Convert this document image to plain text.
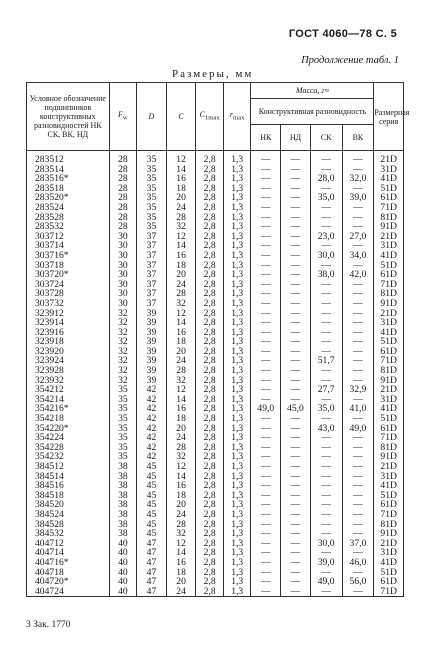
ГОСТ 4060—78 С. 5
Продолжение табл. 1
Размеры, мм
Условное обозначение подшипников конструктивных разновидностей НК СК, ВК, НД	$F_w$	D	C	$C_{1max}$	$r_{max}$	Масса, г≈				Размерная серия
						Конструктивная разновидность				
						НК	НД	СК	ВК	
283512	28	35	12	2,8	1,3	—	—	—	—	21D
283514	28	35	14	2,8	1,3	—	—	—	—	31D
283516*	28	35	16	2,8	1,3	—	—	28,0	32,0	41D
283518	28	35	18	2,8	1,3	—	—	—	—	51D
283520*	28	35	20	2,8	1,3	—	—	35,0	39,0	61D
283524	28	35	24	2,8	1,3	—	—	—	—	71D
283528	28	35	28	2,8	1,3	—	—	—	—	81D
283532	28	35	32	2,8	1,3	—	—	—	—	91D
303712	30	37	12	2,8	1,3	—	—	23,0	27,0	21D
303714	30	37	14	2,8	1,3	—	—	—	—	31D
303716*	30	37	16	2,8	1,3	—	—	30,0	34,0	41D
303718	30	37	18	2,8	1,3	—	—	—	—	51D
303720*	30	37	20	2,8	1,3	—	—	38,0	42,0	61D
303724	30	37	24	2,8	1,3	—	—	—	—	71D
303728	30	37	28	2,8	1,3	—	—	—	—	81D
303732	30	37	32	2,8	1,3	—	—	—	—	91D
323912	32	39	12	2,8	1,3	—	—	—	—	21D
323914	32	39	14	2,8	1,3	—	—	—	—	31D
323916	32	39	16	2,8	1,3	—	—	—	—	41D
323918	32	39	18	2,8	1,3	—	—	—	—	51D
323920	32	39	20	2,8	1,3	—	—	—	—	61D
323924	32	39	24	2,8	1,3	—	—	51,7	—	71D
323928	32	39	28	2,8	1,3	—	—	—	—	81D
323932	32	39	32	2,8	1,3	—	—	—	—	91D
354212	35	42	12	2,8	1,3	—	—	27,7	32,9	21D
354214	35	42	14	2,8	1,3	—	—	—	—	31D
354216*	35	42	16	2,8	1,3	49,0	45,0	35,0	41,0	41D
354218	35	42	18	2,8	1,3	—	—	—	—	51D
354220*	35	42	20	2,8	1,3	—	—	43,0	49,0	61D
354224	35	42	24	2,8	1,3	—	—	—	—	71D
354228	35	42	28	2,8	1,3	—	—	—	—	81D
354232	35	42	32	2,8	1,3	—	—	—	—	91D
384512	38	45	12	2,8	1,3	—	—	—	—	21D
384514	38	45	14	2,8	1,3	—	—	—	—	31D
384516	38	45	16	2,8	1,3	—	—	—	—	41D
384518	38	45	18	2,8	1,3	—	—	—	—	51D
384520	38	45	20	2,8	1,3	—	—	—	—	61D
384524	38	45	24	2,8	1,3	—	—	—	—	71D
384528	38	45	28	2,8	1,3	—	—	—	—	81D
384532	38	45	32	2,8	1,3	—	—	—	—	91D
404712	40	47	12	2,8	1,3	—	—	30,0	37,0	21D
404714	40	47	14	2,8	1,3	—	—	—	—	31D
404716*	40	47	16	2,8	1,3	—	—	39,0	46,0	41D
404718	40	47	18	2,8	1,3	—	—	—	—	51D
404720*	40	47	20	2,8	1,3	—	—	49,0	56,0	61D
404724	40	47	24	2,8	1,3	—	—	—	—	71D
3 Зак. 1770
